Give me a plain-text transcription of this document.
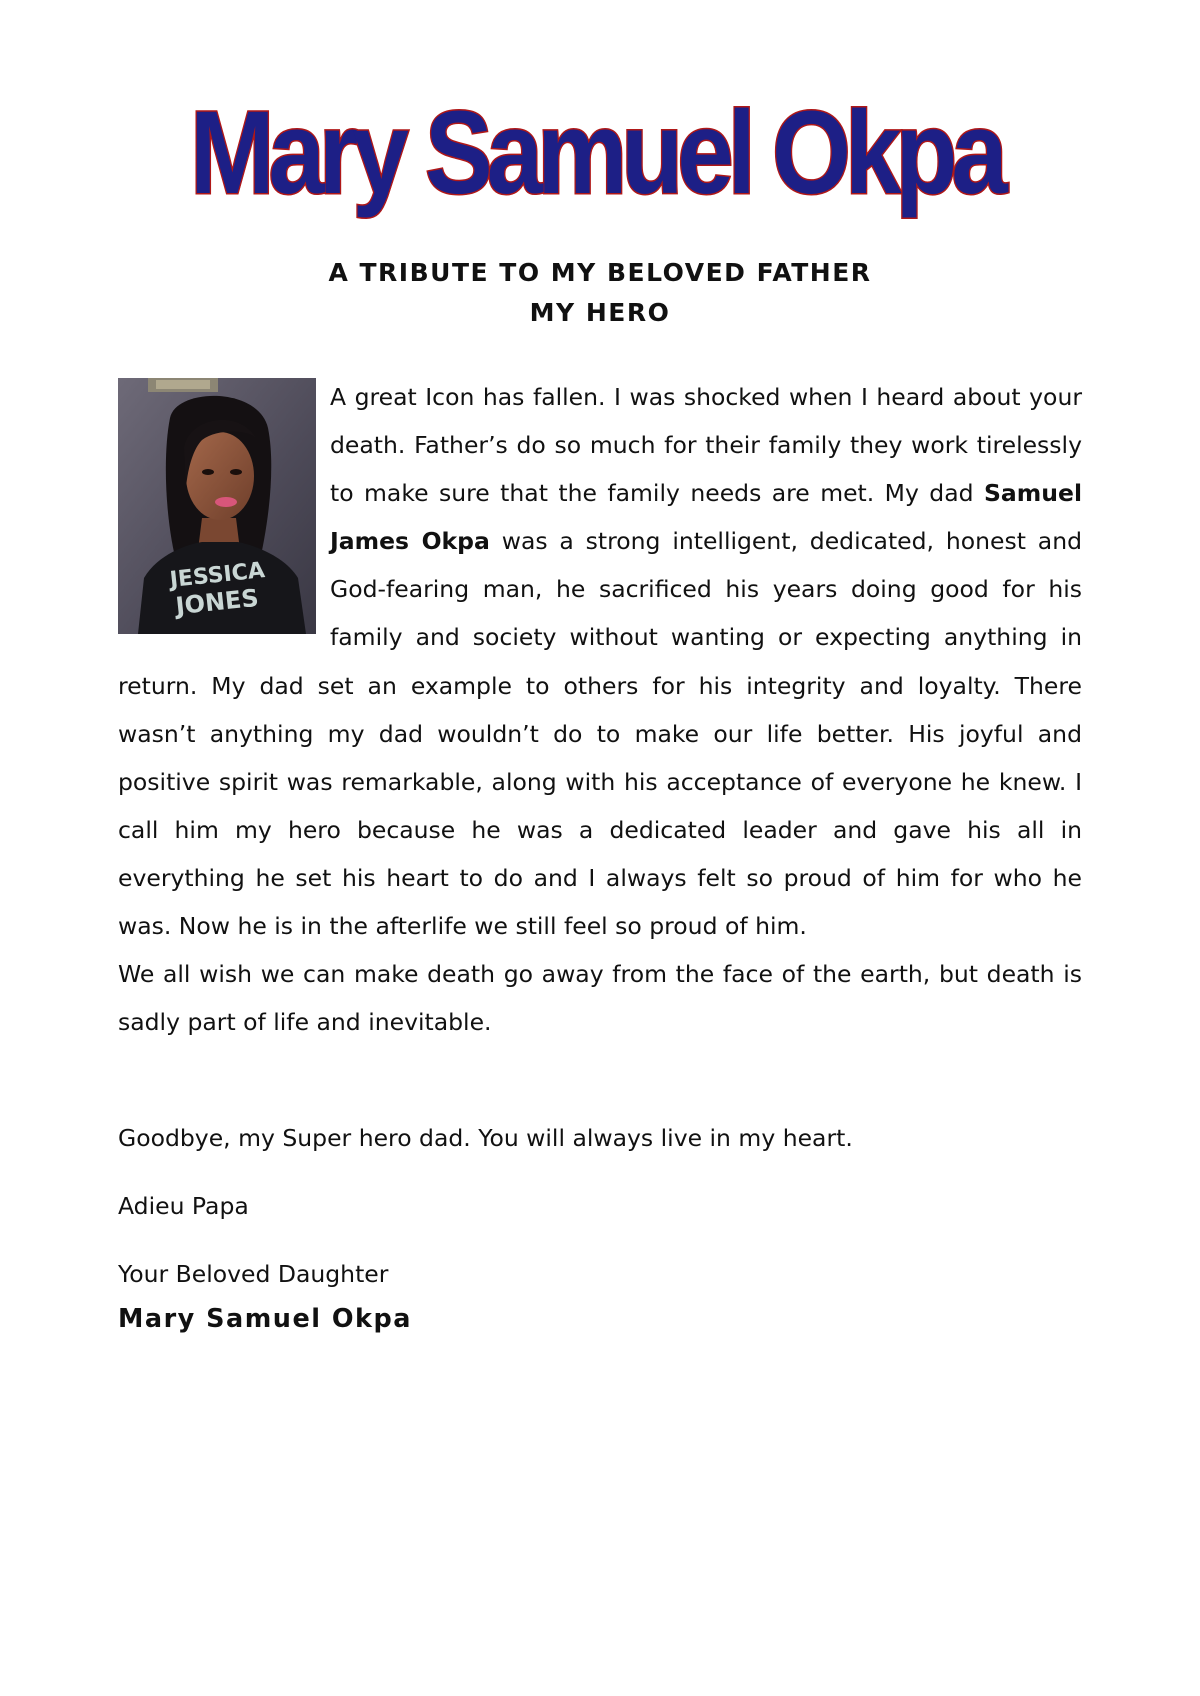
Mary Samuel Okpa
A TRIBUTE TO MY BELOVED FATHER
MY HERO
JESSICA
JONES

A great Icon has fallen. I was shocked when I heard about your death. Father’s do so much for their family they work tirelessly to make sure that the family needs are met. My dad Samuel James Okpa was a strong intelligent, dedicated, honest and God-fearing man, he sacrificed his years doing good for his family and society without wanting or expecting anything in return. My dad set an example to others for his integrity and loyalty. There wasn’t anything my dad wouldn’t do to make our life better. His joyful and positive spirit was remarkable, along with his acceptance of everyone he knew. I call him my hero because he was a dedicated leader and gave his all in everything he set his heart to do and I always felt so proud of him for who he was. Now he is in the afterlife we still feel so proud of him.

We all wish we can make death go away from the face of the earth, but death is sadly part of life and inevitable.

Goodbye, my Super hero dad. You will always live in my heart.
Adieu Papa
Your Beloved Daughter
Mary Samuel Okpa
